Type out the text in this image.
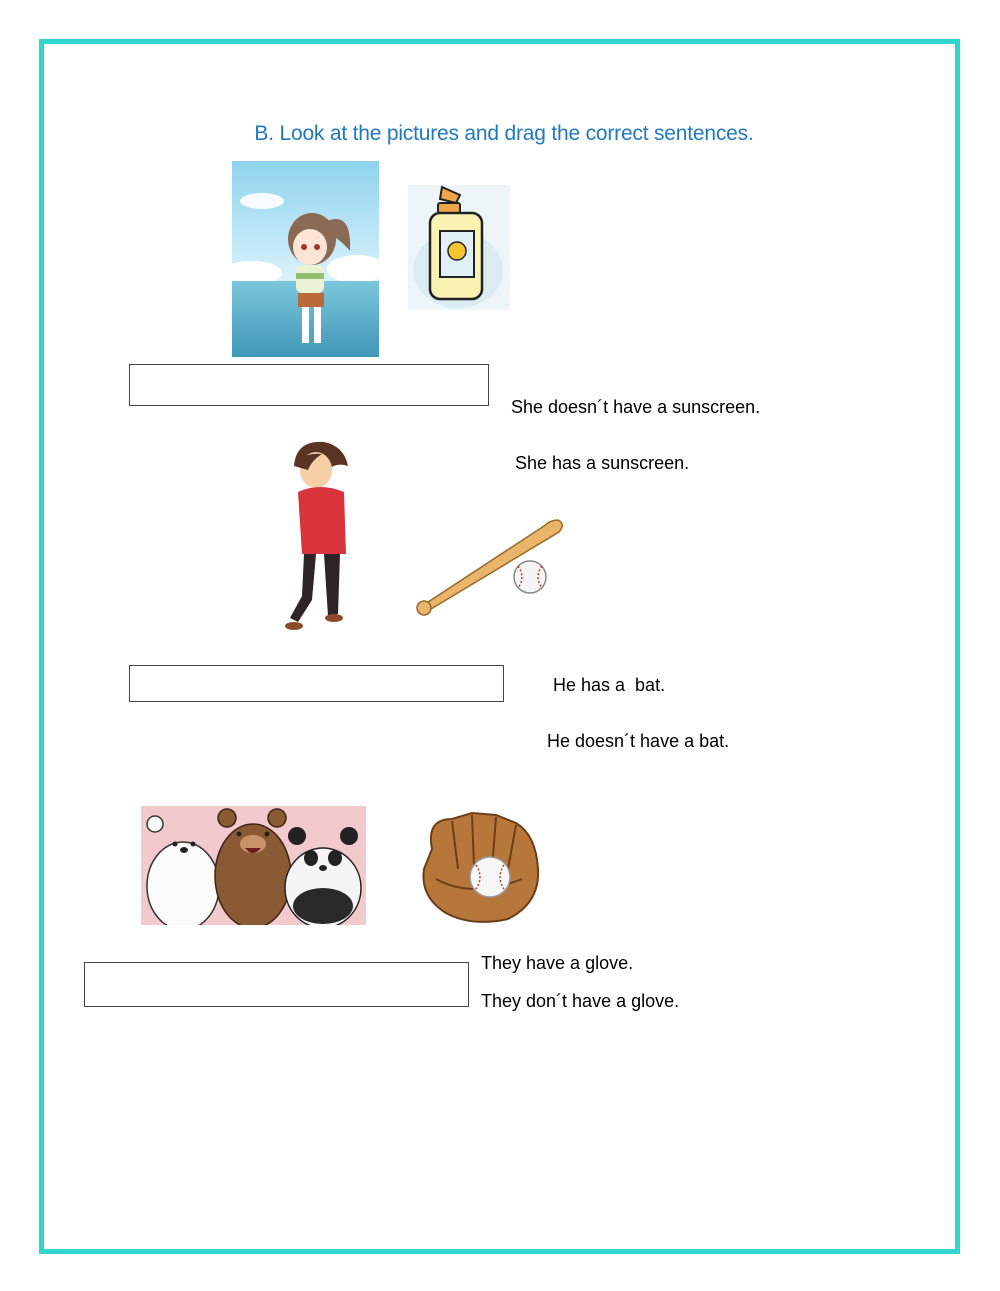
B. Look at the pictures and drag the correct sentences.
She doesn´t have a sunscreen.
She has a sunscreen.
He has a  bat.
He doesn´t have a bat.
They have a glove.
They don´t have a glove.
